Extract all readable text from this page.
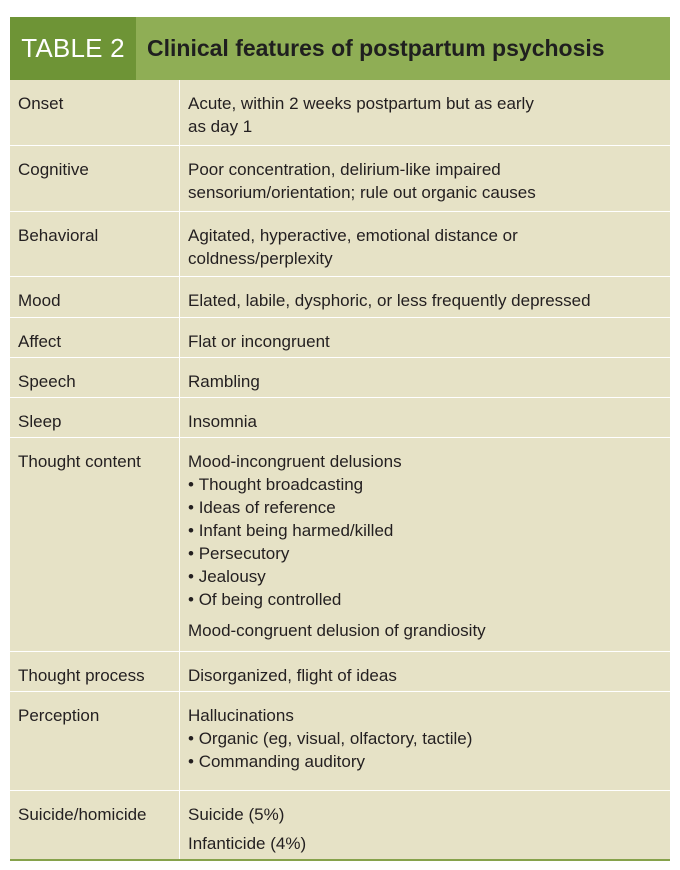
TABLE 2 Clinical features of postpartum psychosis
Onset	Acute, within 2 weeks postpartum but as early
as day 1
Cognitive	Poor concentration, delirium-like impaired
sensorium/orientation; rule out organic causes
Behavioral	Agitated, hyperactive, emotional distance or
coldness/perplexity
Mood	Elated, labile, dysphoric, or less frequently depressed
Affect	Flat or incongruent
Speech	Rambling
Sleep	Insomnia
Thought content	Mood-incongruent delusions
• Thought broadcasting
• Ideas of reference
• Infant being harmed/killed
• Persecutory
• Jealousy
• Of being controlled
Mood-congruent delusion of grandiosity
Thought process	Disorganized, flight of ideas
Perception	Hallucinations
• Organic (eg, visual, olfactory, tactile)
• Commanding auditory
Suicide/homicide	Suicide (5%)
Infanticide (4%)
